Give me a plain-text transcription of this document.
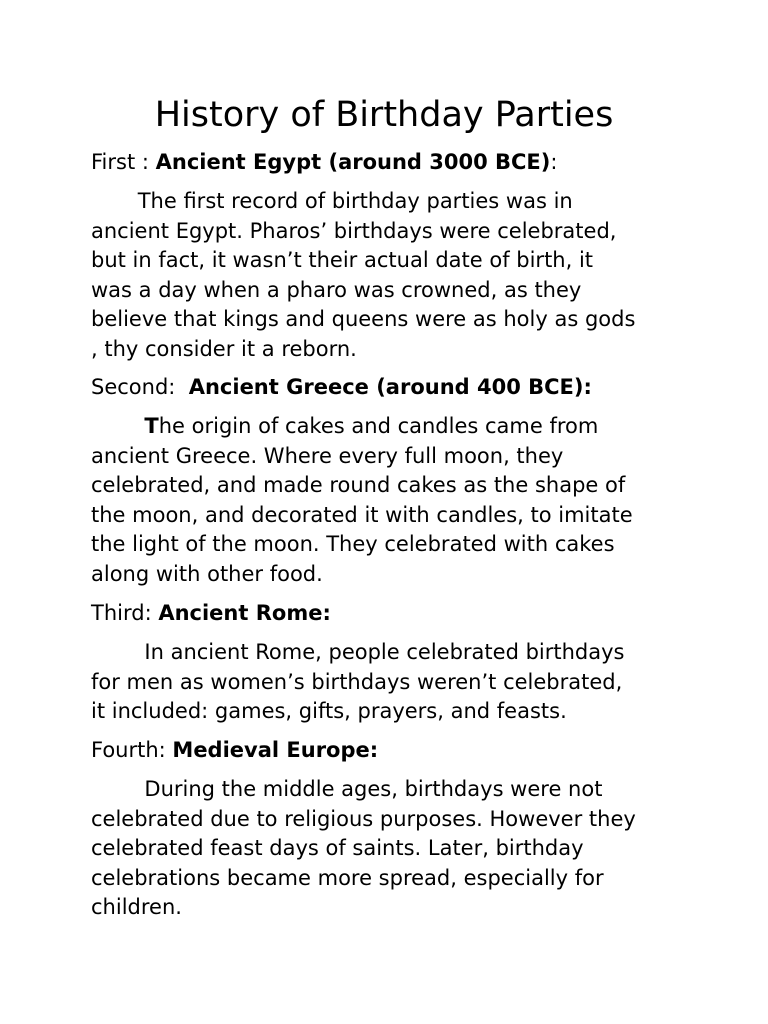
History of Birthday Parties

First : Ancient Egypt (around 3000 BCE):

The first record of birthday parties was in
ancient Egypt. Pharos’ birthdays were celebrated,
but in fact, it wasn’t their actual date of birth, it
was a day when a pharo was crowned, as they
believe that kings and queens were as holy as gods
, thy consider it a reborn.

Second:  Ancient Greece (around 400 BCE):

The origin of cakes and candles came from
ancient Greece. Where every full moon, they
celebrated, and made round cakes as the shape of
the moon, and decorated it with candles, to imitate
the light of the moon. They celebrated with cakes
along with other food.

Third: Ancient Rome:

In ancient Rome, people celebrated birthdays
for men as women’s birthdays weren’t celebrated,
it included: games, gifts, prayers, and feasts.

Fourth: Medieval Europe:

During the middle ages, birthdays were not
celebrated due to religious purposes. However they
celebrated feast days of saints. Later, birthday
celebrations became more spread, especially for
children.
